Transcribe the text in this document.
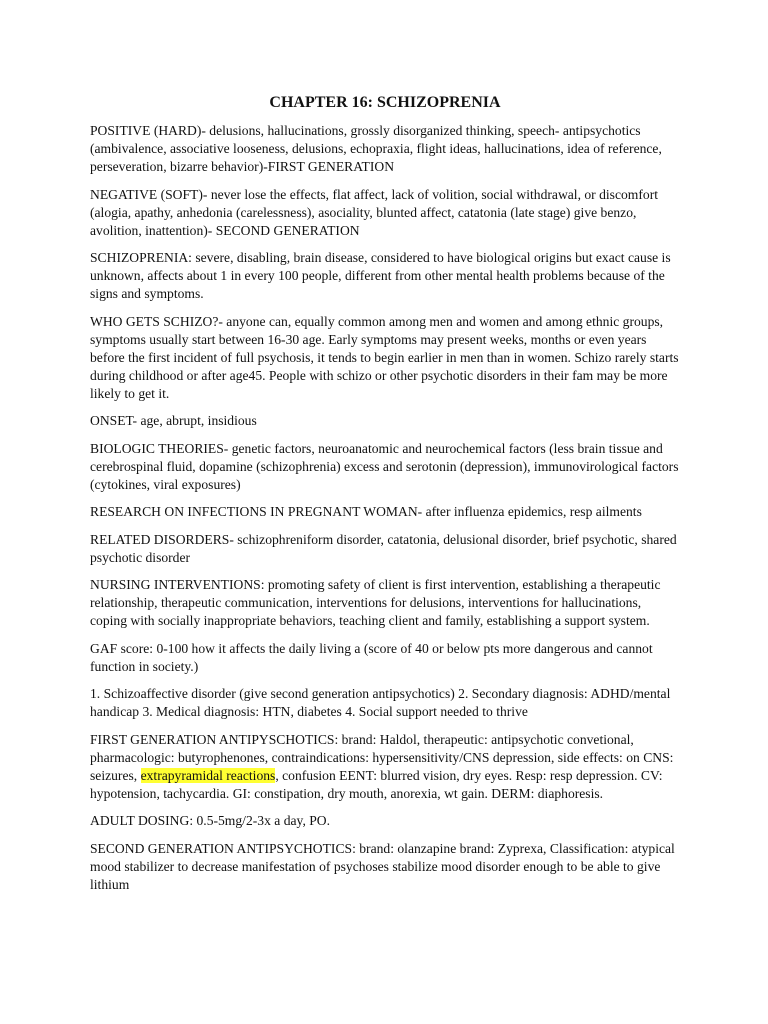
CHAPTER 16: SCHIZOPRENIA

POSITIVE (HARD)- delusions, hallucinations, grossly disorganized thinking, speech- antipsychotics (ambivalence, associative looseness, delusions, echopraxia, flight ideas, hallucinations, idea of reference, perseveration, bizarre behavior)-FIRST GENERATION

NEGATIVE (SOFT)- never lose the effects, flat affect, lack of volition, social withdrawal, or discomfort (alogia, apathy, anhedonia (carelessness), asociality, blunted affect, catatonia (late stage) give benzo, avolition, inattention)- SECOND GENERATION

SCHIZOPRENIA: severe, disabling, brain disease, considered to have biological origins but exact cause is unknown, affects about 1 in every 100 people, different from other mental health problems because of the signs and symptoms.

WHO GETS SCHIZO?- anyone can, equally common among men and women and among ethnic groups, symptoms usually start between 16-30 age. Early symptoms may present weeks, months or even years before the first incident of full psychosis, it tends to begin earlier in men than in women. Schizo rarely starts during childhood or after age45. People with schizo or other psychotic disorders in their fam may be more likely to get it.

ONSET- age, abrupt, insidious

BIOLOGIC THEORIES- genetic factors, neuroanatomic and neurochemical factors (less brain tissue and cerebrospinal fluid, dopamine (schizophrenia) excess and serotonin (depression), immunovirological factors (cytokines, viral exposures)

RESEARCH ON INFECTIONS IN PREGNANT WOMAN- after influenza epidemics, resp ailments

RELATED DISORDERS- schizophreniform disorder, catatonia, delusional disorder, brief psychotic, shared psychotic disorder

NURSING INTERVENTIONS: promoting safety of client is first intervention, establishing a therapeutic relationship, therapeutic communication, interventions for delusions, interventions for hallucinations, coping with socially inappropriate behaviors, teaching client and family, establishing a support system.

GAF score: 0-100 how it affects the daily living a (score of 40 or below pts more dangerous and cannot function in society.)

1. Schizoaffective disorder (give second generation antipsychotics) 2. Secondary diagnosis: ADHD/mental handicap 3. Medical diagnosis: HTN, diabetes 4. Social support needed to thrive

FIRST GENERATION ANTIPYSCHOTICS: brand: Haldol, therapeutic: antipsychotic convetional, pharmacologic: butyrophenones, contraindications: hypersensitivity/CNS depression, side effects: on CNS: seizures, extrapyramidal reactions, confusion EENT: blurred vision, dry eyes. Resp: resp depression. CV: hypotension, tachycardia. GI: constipation, dry mouth, anorexia, wt gain. DERM: diaphoresis.

ADULT DOSING: 0.5-5mg/2-3x a day, PO.

SECOND GENERATION ANTIPSYCHOTICS: brand: olanzapine brand: Zyprexa, Classification: atypical mood stabilizer to decrease manifestation of psychoses stabilize mood disorder enough to be able to give lithium
